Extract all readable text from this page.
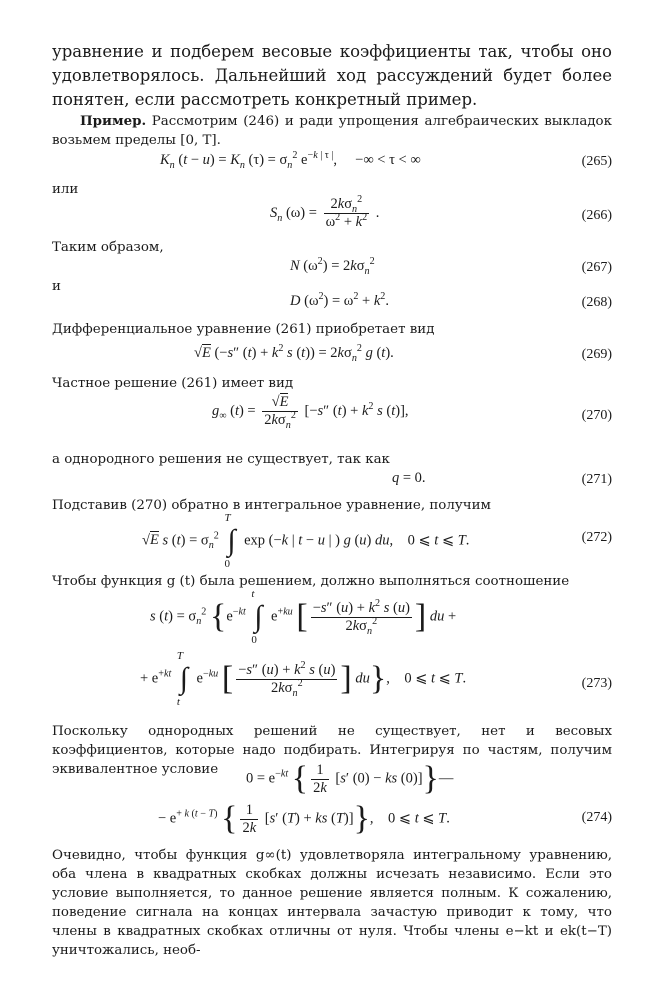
уравнение и подберем весовые коэффициенты так, чтобы оно удовлетворялось. Дальнейший ход рассуждений будет более понятен, если рассмотреть конкретный пример.
Пример. Рассмотрим (246) и ради упрощения алгебраических выкладок возьмем пределы [0, T].
$K_n$ $(t - u) = K_n$ $(\tau) = \sigma_n^2$ $e^{-k | \tau |}$,     −∞ < τ < ∞	(265)
или
$S_n$ $(\omega) = \frac{2k\sigma_n^2}{\omega^2 + k^2}$ .	(266)
Таким образом,
N $(\omega^2) = 2k\sigma_n^2$	(267)
и
D $(\omega^2) = \omega^2 + k^2$.	(268)
Дифференциальное уравнение (261) приобретает вид
√E (−s″ $(t) + k^2$ s $(t)) = 2k\sigma_n^2$ g (t).	(269)
Частное решение (261) имеет вид
$g_\infty$ $(t) = \frac{√E}{2k\sigma_n^2} [-s''$ $(t) + k^2$ s (t)],	(270)
а однородного решения не существует, так как
q = 0.	(271)
Подставив (270) обратно в интегральное уравнение, получим
√E s $(t) = \sigma_n^2$ ∫
T
0
exp (−k | t − u | ) g (u) du,    0 ⩽ t ⩽ T.	(272)
Чтобы функция g (t) была решением, должно выполняться соотношение
s $(t) = \sigma_n^2$ {$e^{-kt}$ ∫
t
0
$e^{+ku}$ [ $\frac{-s'' (u) + k^2 s (u)}{2k\sigma_n^2}$ ] du +
+ $e^{+kt}$ ∫
T
t
$e^{-ku}$ [ $\frac{-s'' (u) + k^2 s (u)}{2k\sigma_n^2}$ ] du},    0 ⩽ t ⩽ T.	(273)
Поскольку однородных решений не существует, нет и весовых коэффициентов, которые надо подбирать. Интегрируя по частям, получим эквивалентное условие
$0 = e^{-kt}$ { $\frac{1}{2k} [s'$ (0) − ks (0)]}—
− $e^{+ k (t - T)}$ { $\frac{1}{2k} [s'$ (T) + ks (T)]},    0 ⩽ t ⩽ T.	(274)
Очевидно, чтобы функция g∞(t) удовлетворяла интегральному уравнению, оба члена в квадратных скобках должны исчезать независимо. Если это условие выполняется, то данное решение является полным. К сожалению, поведение сигнала на концах интервала зачастую приводит к тому, что члены в квадратных скобках отличны от нуля. Чтобы члены e−kt и ek(t−T) уничтожались, необ-
